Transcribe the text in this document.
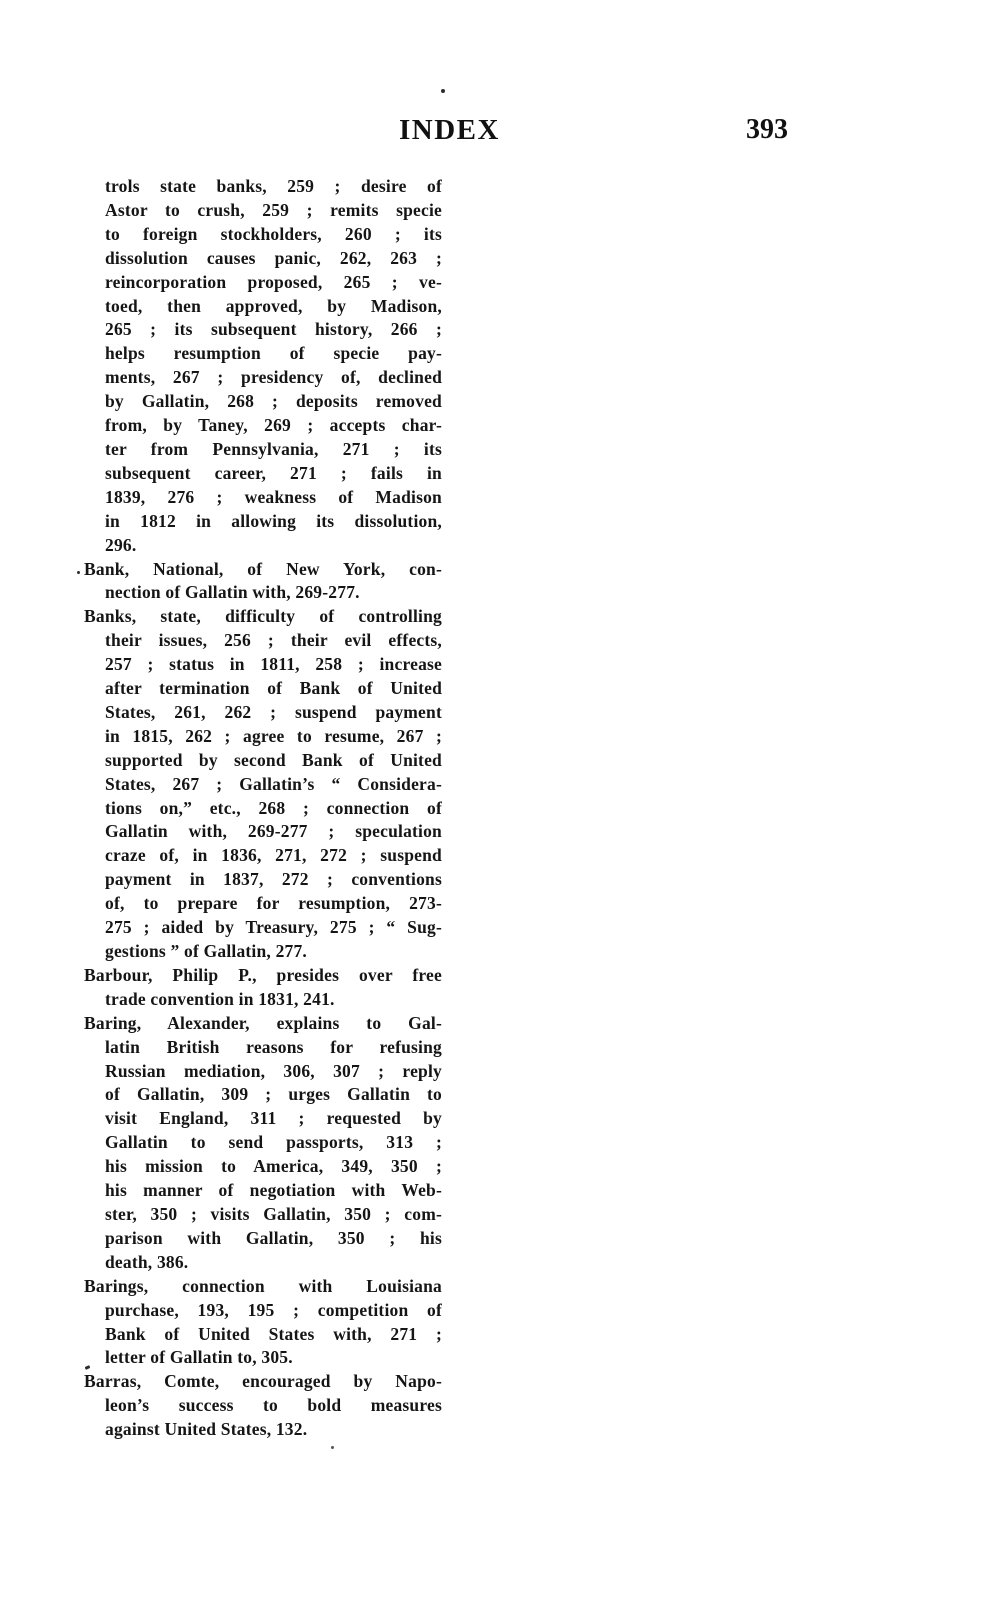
INDEX	393
trols state banks, 259 ; desire of
Astor to crush, 259 ; remits specie
to foreign stockholders, 260 ; its
dissolution causes panic, 262, 263 ;
reincorporation proposed, 265 ; ve-
toed, then approved, by Madison,
265 ; its subsequent history, 266 ;
helps resumption of specie pay-
ments, 267 ; presidency of, declined
by Gallatin, 268 ; deposits removed
from, by Taney, 269 ; accepts char-
ter from Pennsylvania, 271 ; its
subsequent career, 271 ; fails in
1839, 276 ; weakness of Madison
in 1812 in allowing its dissolution,
296.
Bank, National, of New York, con-
nection of Gallatin with, 269-277.
Banks, state, difficulty of controlling
their issues, 256 ; their evil effects,
257 ; status in 1811, 258 ; increase
after termination of Bank of United
States, 261, 262 ; suspend payment
in 1815, 262 ; agree to resume, 267 ;
supported by second Bank of United
States, 267 ; Gallatin’s “ Considera-
tions on,” etc., 268 ; connection of
Gallatin with, 269-277 ; speculation
craze of, in 1836, 271, 272 ; suspend
payment in 1837, 272 ; conventions
of, to prepare for resumption, 273-
275 ; aided by Treasury, 275 ; “ Sug-
gestions ” of Gallatin, 277.
Barbour, Philip P., presides over free
trade convention in 1831, 241.
Baring, Alexander, explains to Gal-
latin British reasons for refusing
Russian mediation, 306, 307 ; reply
of Gallatin, 309 ; urges Gallatin to
visit England, 311 ; requested by
Gallatin to send passports, 313 ;
his mission to America, 349, 350 ;
his manner of negotiation with Web-
ster, 350 ; visits Gallatin, 350 ; com-
parison with Gallatin, 350 ; his
death, 386.
Barings, connection with Louisiana
purchase, 193, 195 ; competition of
Bank of United States with, 271 ;
letter of Gallatin to, 305.
Barras, Comte, encouraged by Napo-
leon’s success to bold measures
against United States, 132.
